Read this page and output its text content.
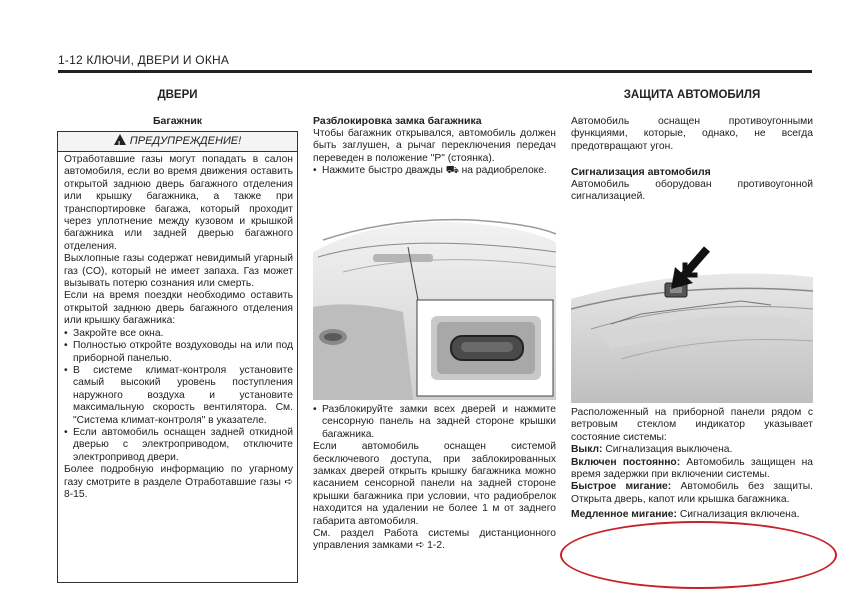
1-12 КЛЮЧИ, ДВЕРИ И ОКНА
ДВЕРИ
Багажник
!ПРЕДУПРЕЖДЕНИЕ!

Отработавшие газы могут попадать в салон автомобиля, если во время движения оставить открытой заднюю дверь багажного отделения или крышку багажника, а также при транспортировке багажа, который проходит через уплотнение между кузовом и крышкой багажника или задней дверью багажного отделения.

Выхлопные газы содержат невидимый угарный газ (CO), который не имеет запаха. Газ может вызывать потерю сознания или смерть.

Если на время поездки необходимо оставить открытой заднюю дверь багажного отделения или крышку багажника:

• Закройте все окна.
• Полностью откройте воздуховоды на или под приборной панелью.
• В системе климат-контроля установите самый высокий уровень поступления наружного воздуха и установите максимальную скорость вентилятора. См. "Система климат-контроля" в указателе.
• Если автомобиль оснащен задней откидной дверью с электроприводом, отключите электропривод двери.

Более подробную информацию по угарному газу смотрите в разделе Отработавшие газы ➪ 8-15.

Разблокировка замка багажника

Чтобы багажник открывался, автомобиль должен быть заглушен, а рычаг переключения передач переведен в положение "P" (стоянка).

• Нажмите быстро дважды ⛟ на радиобрелоке.
• Разблокируйте замки всех дверей и нажмите сенсорную панель на задней стороне крышки багажника.

Если автомобиль оснащен системой бесключевого доступа, при заблокированных замках дверей открыть крышку багажника можно касанием сенсорной панели на задней стороне крышки багажника при условии, что радиобрелок находится на удалении не более 1 м от заднего габарита автомобиля.

См. раздел Работа системы дистанционного управления замками ➪ 1-2.

ЗАЩИТА АВТОМОБИЛЯ
Автомобиль оснащен противоугонными функциями, которые, однако, не всегда предотвращают угон.
Сигнализация автомобиля
Автомобиль оборудован противоугонной сигнализацией.

Расположенный на приборной панели рядом с ветровым стеклом индикатор указывает состояние системы:

Выкл: Сигнализация выключена.

Включен постоянно: Автомобиль защищен на время задержки при включении системы.

Быстрое мигание: Автомобиль без защиты. Открыта дверь, капот или крышка багажника.

Медленное мигание: Сигнализация включена.
